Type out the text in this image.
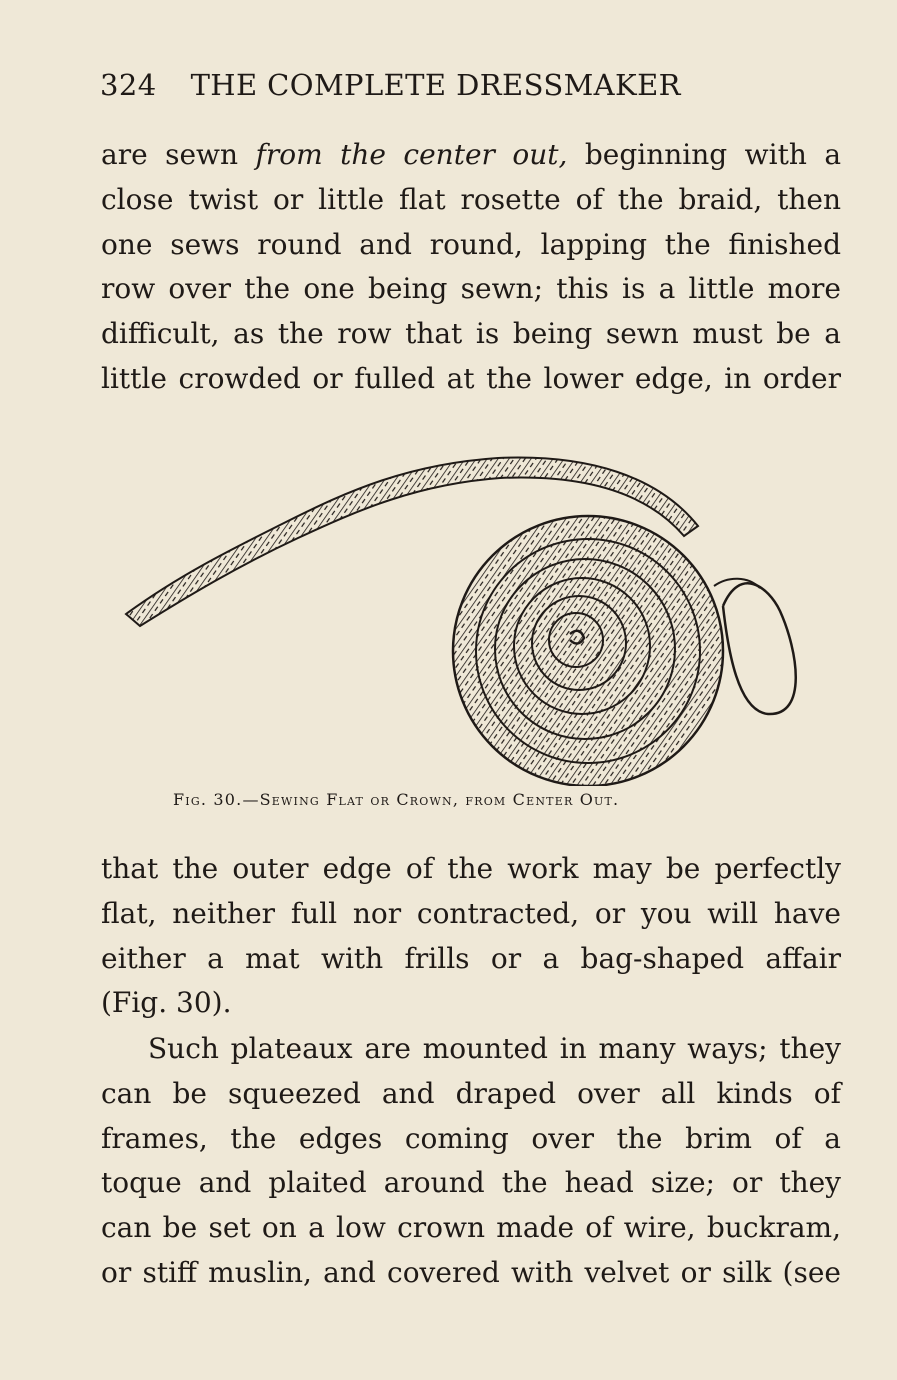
324 THE COMPLETE DRESSMAKER

are sewn from the center out, beginning with a
close twist or little flat rosette of the braid, then
one sews round and round, lapping the finished
row over the one being sewn; this is a little more
difficult, as the row that is being sewn must be a
little crowded or fulled at the lower edge, in order

Fig. 30.—Sewing Flat or Crown, from Center Out.

that the outer edge of the work may be perfectly
flat, neither full nor contracted, or you will have
either a mat with frills or a bag-shaped affair
(Fig. 30).

Such plateaux are mounted in many ways; they
can be squeezed and draped over all kinds of
frames, the edges coming over the brim of a
toque and plaited around the head size; or they
can be set on a low crown made of wire, buckram,
or stiff muslin, and covered with velvet or silk (see
